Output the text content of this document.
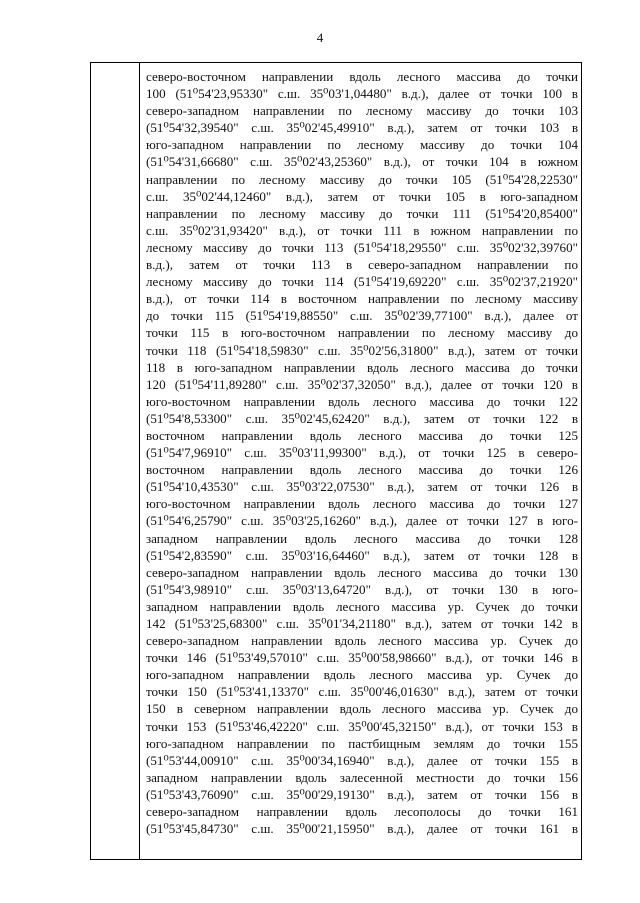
4
северо-восточном направлении вдоль лесного массива до точки
100 (51⁰54'23,95330" с.ш. 35⁰03'1,04480" в.д.), далее от точки 100 в
северо-западном направлении по лесному массиву до точки 103
(51⁰54'32,39540" с.ш. 35⁰02'45,49910" в.д.), затем от точки 103 в
юго-западном направлении по лесному массиву до точки 104
(51⁰54'31,66680" с.ш. 35⁰02'43,25360" в.д.), от точки 104 в южном
направлении по лесному массиву до точки 105 (51⁰54'28,22530"
с.ш. 35⁰02'44,12460" в.д.), затем от точки 105 в юго-западном
направлении по лесному массиву до точки 111 (51⁰54'20,85400"
с.ш. 35⁰02'31,93420" в.д.), от точки 111 в южном направлении по
лесному массиву до точки 113 (51⁰54'18,29550" с.ш. 35⁰02'32,39760"
в.д.), затем от точки 113 в северо-западном направлении по
лесному массиву до точки 114 (51⁰54'19,69220" с.ш. 35⁰02'37,21920"
в.д.), от точки 114 в восточном направлении по лесному массиву
до точки 115 (51⁰54'19,88550" с.ш. 35⁰02'39,77100" в.д.), далее от
точки 115 в юго-восточном направлении по лесному массиву до
точки 118 (51⁰54'18,59830" с.ш. 35⁰02'56,31800" в.д.), затем от точки
118 в юго-западном направлении вдоль лесного массива до точки
120 (51⁰54'11,89280" с.ш. 35⁰02'37,32050" в.д.), далее от точки 120 в
юго-восточном направлении вдоль лесного массива до точки 122
(51⁰54'8,53300" с.ш. 35⁰02'45,62420" в.д.), затем от точки 122 в
восточном направлении вдоль лесного массива до точки 125
(51⁰54'7,96910" с.ш. 35⁰03'11,99300" в.д.), от точки 125 в северо-
восточном направлении вдоль лесного массива до точки 126
(51⁰54'10,43530" с.ш. 35⁰03'22,07530" в.д.), затем от точки 126 в
юго-восточном направлении вдоль лесного массива до точки 127
(51⁰54'6,25790" с.ш. 35⁰03'25,16260" в.д.), далее от точки 127 в юго-
западном направлении вдоль лесного массива до точки 128
(51⁰54'2,83590" с.ш. 35⁰03'16,64460" в.д.), затем от точки 128 в
северо-западном направлении вдоль лесного массива до точки 130
(51⁰54'3,98910" с.ш. 35⁰03'13,64720" в.д.), от точки 130 в юго-
западном направлении вдоль лесного массива ур. Сучек до точки
142 (51⁰53'25,68300" с.ш. 35⁰01'34,21180" в.д.), затем от точки 142 в
северо-западном направлении вдоль лесного массива ур. Сучек до
точки 146 (51⁰53'49,57010" с.ш. 35⁰00'58,98660" в.д.), от точки 146 в
юго-западном направлении вдоль лесного массива ур. Сучек до
точки 150 (51⁰53'41,13370" с.ш. 35⁰00'46,01630" в.д.), затем от точки
150 в северном направлении вдоль лесного массива ур. Сучек до
точки 153 (51⁰53'46,42220" с.ш. 35⁰00'45,32150" в.д.), от точки 153 в
юго-западном направлении по пастбищным землям до точки 155
(51⁰53'44,00910" с.ш. 35⁰00'34,16940" в.д.), далее от точки 155 в
западном направлении вдоль залесенной местности до точки 156
(51⁰53'43,76090" с.ш. 35⁰00'29,19130" в.д.), затем от точки 156 в
северо-западном направлении вдоль лесополосы до точки 161
(51⁰53'45,84730" с.ш. 35⁰00'21,15950" в.д.), далее от точки 161 в
